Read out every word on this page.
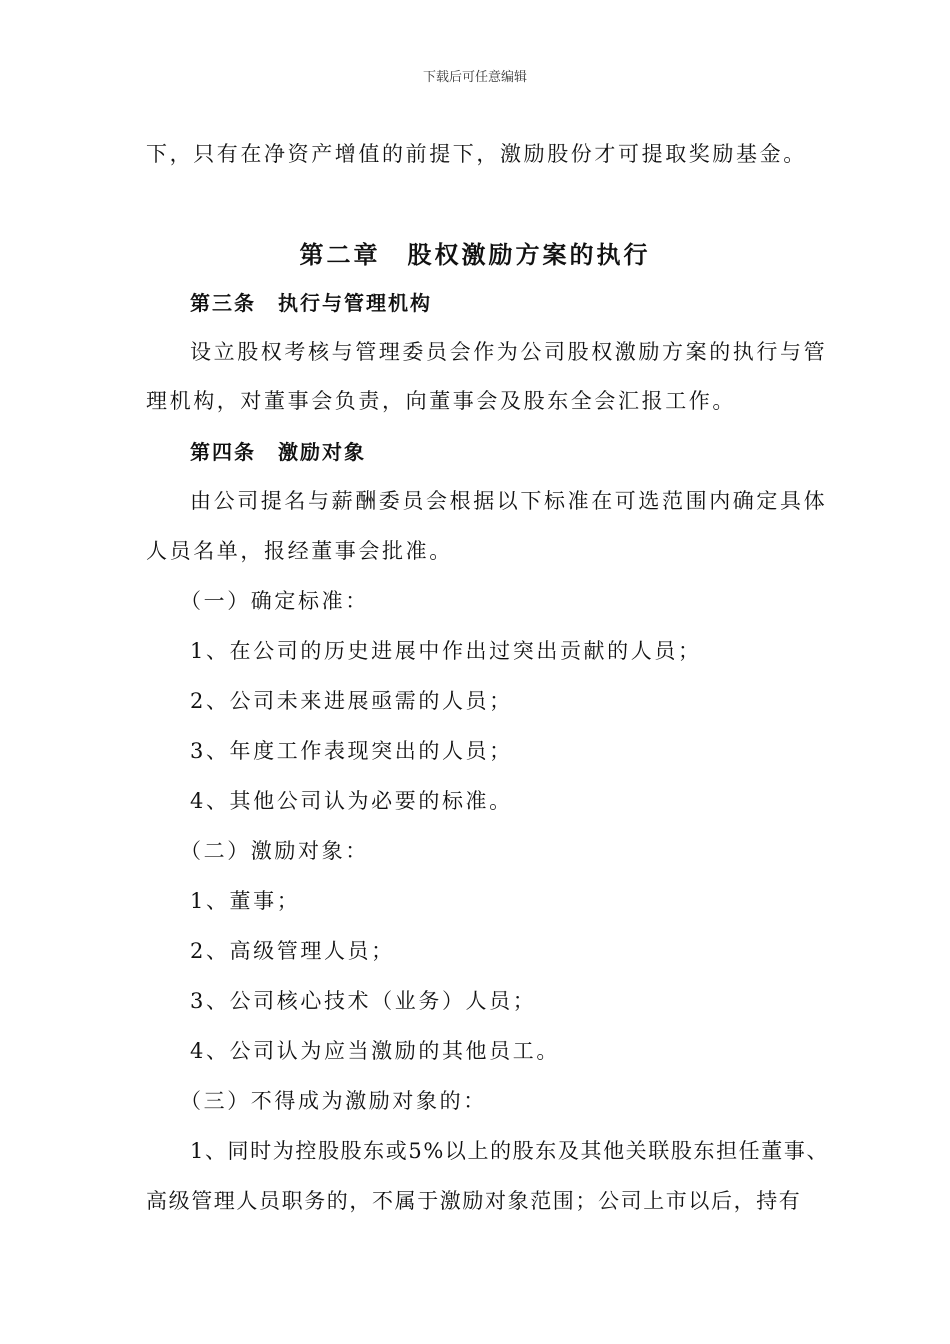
下载后可任意编辑
下，只有在净资产增值的前提下，激励股份才可提取奖励基金。
第二章　股权激励方案的执行
第三条　执行与管理机构
设立股权考核与管理委员会作为公司股权激励方案的执行与管
理机构，对董事会负责，向董事会及股东全会汇报工作。
第四条　激励对象
由公司提名与薪酬委员会根据以下标准在可选范围内确定具体
人员名单，报经董事会批准。
（一）确定标准：
1、在公司的历史进展中作出过突出贡献的人员；
2、公司未来进展亟需的人员；
3、年度工作表现突出的人员；
4、其他公司认为必要的标准。
（二）激励对象：
1、董事；
2、高级管理人员；
3、公司核心技术（业务）人员；
4、公司认为应当激励的其他员工。
（三）不得成为激励对象的：
1、同时为控股股东或5%以上的股东及其他关联股东担任董事、
高级管理人员职务的，不属于激励对象范围；公司上市以后，持有
